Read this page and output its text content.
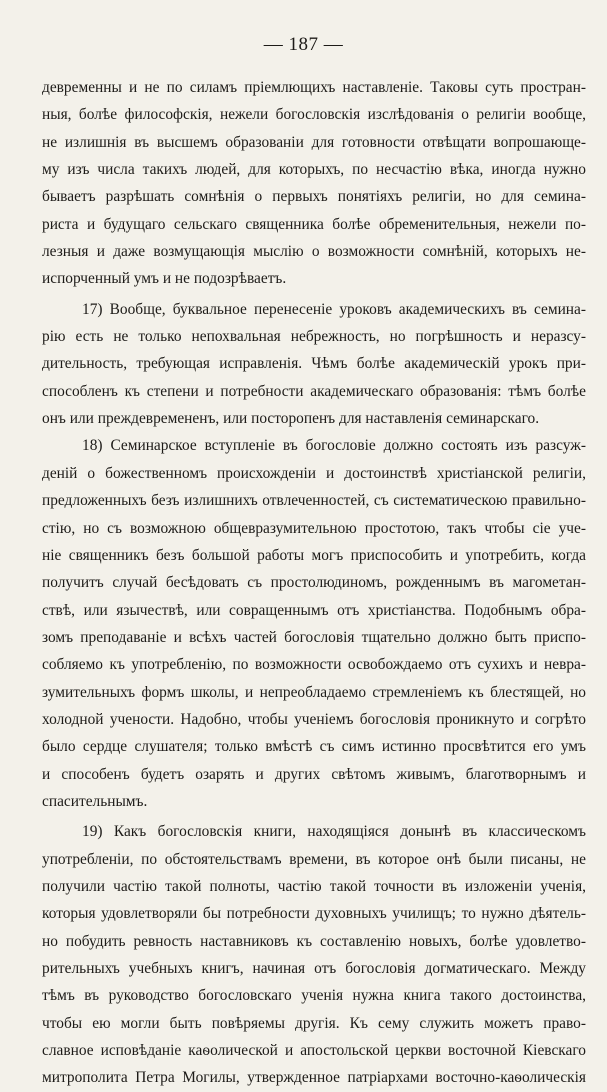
— 187 —
девременны и не по силамъ пріемлющихъ наставленіе. Таковы суть простран-
ныя, болѣе философскія, нежели богословскія изслѣдованія о религіи вообще,
не излишнія въ высшемъ образованіи для готовности отвѣщати вопрошающе-
му изъ числа такихъ людей, для которыхъ, по несчастію вѣка, иногда нужно
бываетъ разрѣшать сомнѣнія о первыхъ понятіяхъ религіи, но для семина-
риста и будущаго сельскаго священника болѣе обременительныя, нежели по-
лезныя и даже возмущающія мыслію о возможности сомнѣній, которыхъ не-
испорченный умъ и не подозрѣваетъ.
17) Вообще, буквальное перенесеніе уроковъ академическихъ въ семина-
рію есть не только непохвальная небрежность, но погрѣшность и неразсу-
дительность, требующая исправленія. Чѣмъ болѣе академическій урокъ при-
способленъ къ степени и потребности академическаго образованія: тѣмъ болѣе
онъ или преждевремененъ, или посторопенъ для наставленія семинарскаго.
18) Семинарское вступленіе въ богословіе должно состоять изъ разсуж-
деній о божественномъ происхожденіи и достоинствѣ христіанской религіи,
предложенныхъ безъ излишнихъ отвлеченностей, съ систематическою правильно-
стію, но съ возможною общевразумительною простотою, такъ чтобы сіе уче-
ніе священникъ безъ большой работы могъ приспособить и употребить, когда
получитъ случай бесѣдовать съ простолюдиномъ, рожденнымъ въ магометан-
ствѣ, или язычествѣ, или совращеннымъ отъ христіанства. Подобнымъ обра-
зомъ преподаваніе и всѣхъ частей богословія тщательно должно быть приспо-
собляемо къ употребленію, по возможности освобождаемо отъ сухихъ и невра-
зумительныхъ формъ школы, и непреобладаемо стремленіемъ къ блестящей, но
холодной учености. Надобно, чтобы ученіемъ богословія проникнуто и согрѣто
было сердце слушателя; только вмѣстѣ съ симъ истинно просвѣтится его умъ
и способенъ будетъ озарять и других свѣтомъ живымъ, благотворнымъ и
спасительнымъ.
19) Какъ богословскія книги, находящіяся донынѣ въ классическомъ
употребленіи, по обстоятельствамъ времени, въ которое онѣ были писаны, не
получили частію такой полноты, частію такой точности въ изложеніи ученія,
которыя удовлетворяли бы потребности духовныхъ училищъ; то нужно дѣятель-
но побудить ревность наставниковъ къ составленію новыхъ, болѣе удовлетво-
рительныхъ учебныхъ книгъ, начиная отъ богословія догматическаго. Между
тѣмъ въ руководство богословскаго ученія нужна книга такого достоинства,
чтобы ею могли быть повѣряемы другія. Къ сему служить можетъ право-
славное исповѣданіе каѳолической и апостольской церкви восточной Кіевскаго
митрополита Петра Могилы, утвержденное патріархами восточно-каѳолическія
